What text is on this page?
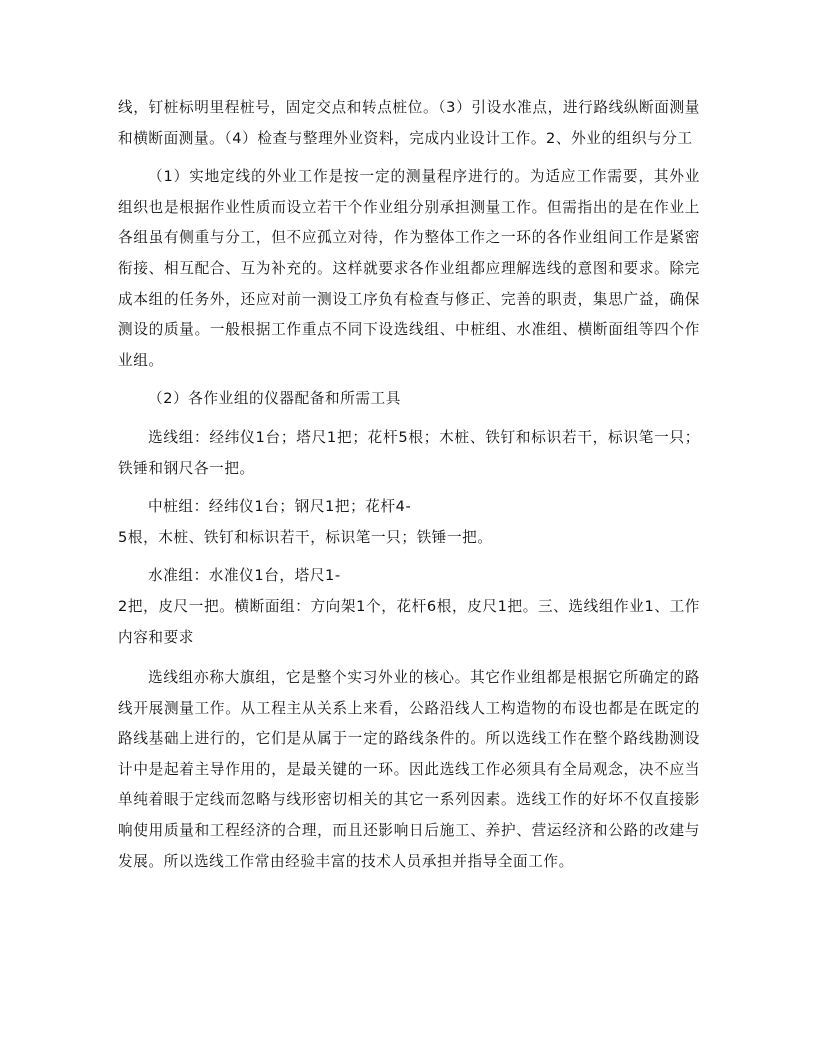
线，钉桩标明里程桩号，固定交点和转点桩位。（3）引设水准点，进行路线纵断面测量和横断面测量。（4）检查与整理外业资料，完成内业设计工作。2、外业的组织与分工

（1）实地定线的外业工作是按一定的测量程序进行的。为适应工作需要，其外业组织也是根据作业性质而设立若干个作业组分别承担测量工作。但需指出的是在作业上各组虽有侧重与分工，但不应孤立对待，作为整体工作之一环的各作业组间工作是紧密衔接、相互配合、互为补充的。这样就要求各作业组都应理解选线的意图和要求。除完成本组的任务外，还应对前一测设工序负有检查与修正、完善的职责，集思广益，确保测设的质量。一般根据工作重点不同下设选线组、中桩组、水准组、横断面组等四个作业组。

（2）各作业组的仪器配备和所需工具

选线组：经纬仪1台；塔尺1把；花杆5根；木桩、铁钉和标识若干，标识笔一只；铁锤和钢尺各一把。

中桩组：经纬仪1台；钢尺1把；花杆4-
5根，木桩、铁钉和标识若干，标识笔一只；铁锤一把。
水准组：水准仪1台，塔尺1-

2把，皮尺一把。横断面组：方向架1个，花杆6根，皮尺1把。三、选线组作业1、工作内容和要求

选线组亦称大旗组，它是整个实习外业的核心。其它作业组都是根据它所确定的路线开展测量工作。从工程主从关系上来看，公路沿线人工构造物的布设也都是在既定的路线基础上进行的，它们是从属于一定的路线条件的。所以选线工作在整个路线勘测设计中是起着主导作用的，是最关键的一环。因此选线工作必须具有全局观念，决不应当单纯着眼于定线而忽略与线形密切相关的其它一系列因素。选线工作的好坏不仅直接影响使用质量和工程经济的合理，而且还影响日后施工、养护、营运经济和公路的改建与发展。所以选线工作常由经验丰富的技术人员承担并指导全面工作。
